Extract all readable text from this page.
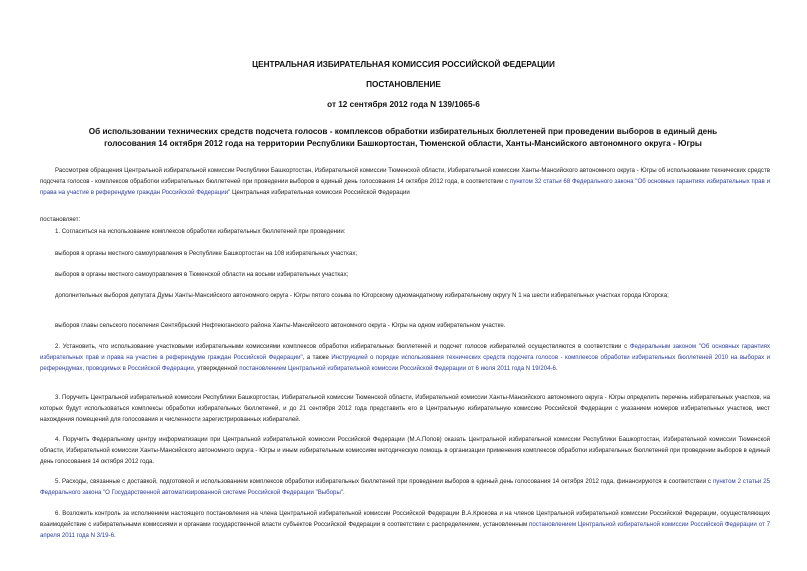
ЦЕНТРАЛЬНАЯ ИЗБИРАТЕЛЬНАЯ КОМИССИЯ РОССИЙСКОЙ ФЕДЕРАЦИИ
ПОСТАНОВЛЕНИЕ
от 12 сентября 2012 года N 139/1065-6
Об использовании технических средств подсчета голосов - комплексов обработки избирательных бюллетеней при проведении выборов в единый день
голосования 14 октября 2012 года на территории Республики Башкортостан, Тюменской области, Ханты-Мансийского автономного округа - Югры
Рассмотрев обращения Центральной избирательной комиссии Республики Башкортостан, Избирательной комиссии Тюменской области, Избирательной комиссии Ханты-Мансийского автономного округа - Югры об использовании технических средств подсчета голосов - комплексов обработки избирательных бюллетеней при проведении выборов в единый день голосования 14 октября 2012 года, в соответствии с пунктом 32 статьи 68 Федерального закона "Об основных гарантиях избирательных прав и права на участие в референдуме граждан Российской Федерации" Центральная избирательная комиссия Российской Федерации
постановляет:
1. Согласиться на использование комплексов обработки избирательных бюллетеней при проведении:
выборов в органы местного самоуправления в Республике Башкортостан на 108 избирательных участках;
выборов в органы местного самоуправления в Тюменской области на восьми избирательных участках;
дополнительных выборов депутата Думы Ханты-Мансийского автономного округа - Югры пятого созыва по Югорскому одномандатному избирательному округу N 1 на шести избирательных участках города Югорска;
выборов главы сельского поселения Сентябрьский Нефтеюганского района Ханты-Мансийского автономного округа - Югры на одном избирательном участке.
2. Установить, что использование участковыми избирательными комиссиями комплексов обработки избирательных бюллетеней и подсчет голосов избирателей осуществляются в соответствии с Федеральным законом "Об основных гарантиях избирательных прав и права на участие в референдуме граждан Российской Федерации", а также Инструкцией о порядке использования технических средств подсчета голосов - комплексов обработки избирательных бюллетеней 2010 на выборах и референдумах, проводимых в Российской Федерации, утвержденной постановлением Центральной избирательной комиссии Российской Федерации от 6 июля 2011 года N 19/204-6.
3. Поручить Центральной избирательной комиссии Республики Башкортостан, Избирательной комиссии Тюменской области, Избирательной комиссии Ханты-Мансийского автономного округа - Югры определить перечень избирательных участков, на которых будут использоваться комплексы обработки избирательных бюллетеней, и до 21 сентября 2012 года представить его в Центральную избирательную комиссию Российской Федерации с указанием номеров избирательных участков, мест нахождения помещений для голосования и численности зарегистрированных избирателей.
4. Поручить Федеральному центру информатизации при Центральной избирательной комиссии Российской Федерации (М.А.Попов) оказать Центральной избирательной комиссии Республики Башкортостан, Избирательной комиссии Тюменской области, Избирательной комиссии Ханты-Мансийского автономного округа - Югры и иным избирательным комиссиям методическую помощь в организации применения комплексов обработки избирательных бюллетеней при проведении выборов в единый день голосования 14 октября 2012 года.
5. Расходы, связанные с доставкой, подготовкой и использованием комплексов обработки избирательных бюллетеней при проведении выборов в единый день голосования 14 октября 2012 года, финансируются в соответствии с пунктом 2 статьи 25 Федерального закона "О Государственной автоматизированной системе Российской Федерации "Выборы".
6. Возложить контроль за исполнением настоящего постановления на члена Центральной избирательной комиссии Российской Федерации В.А.Крюкова и на членов Центральной избирательной комиссии Российской Федерации, осуществляющих взаимодействие с избирательными комиссиями и органами государственной власти субъектов Российской Федерации в соответствии с распределением, установленным постановлением Центральной избирательной комиссии Российской Федерации от 7 апреля 2011 года N 3/19-6.
